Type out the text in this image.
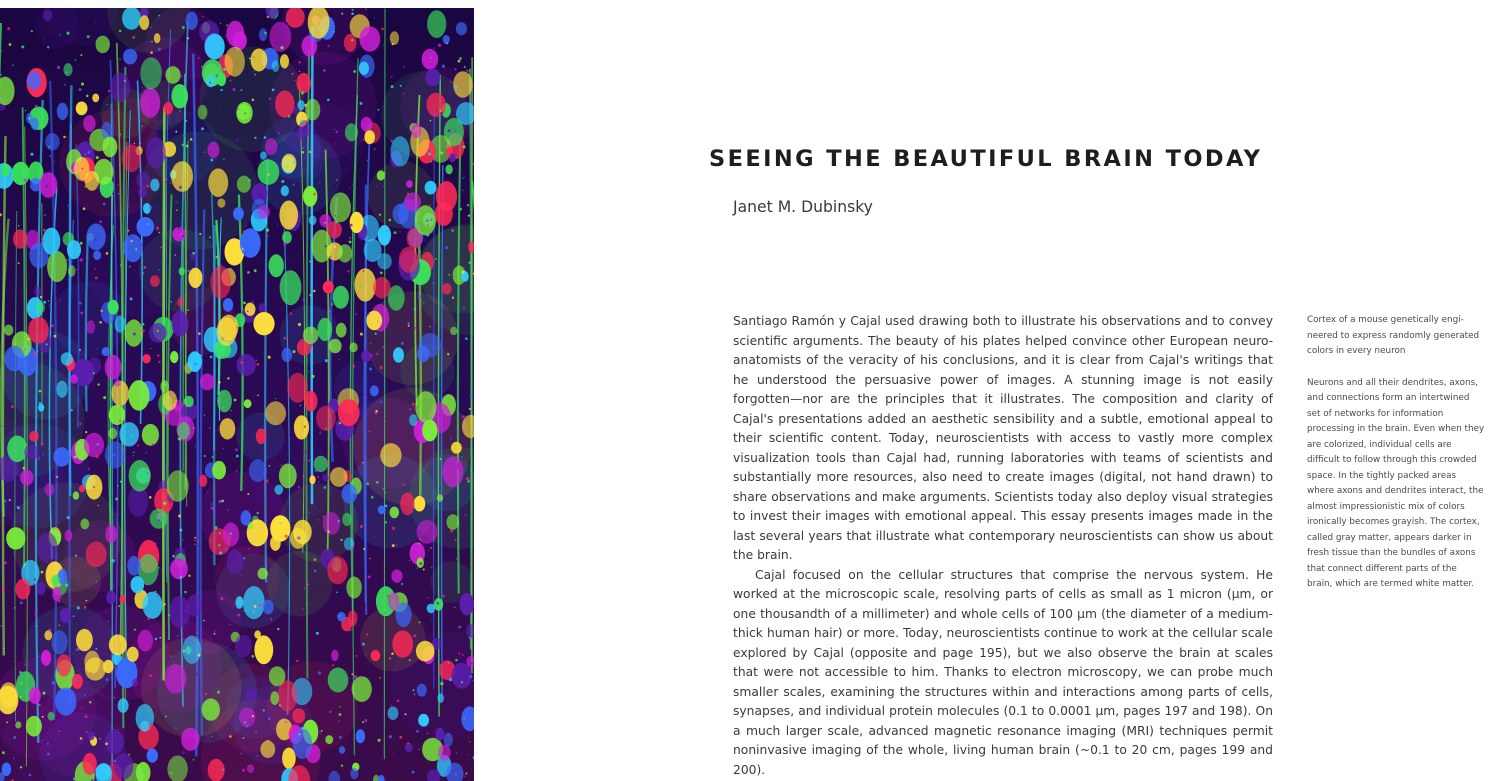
SEEING THE BEAUTIFUL BRAIN TODAY
Janet M. Dubinsky

Santiago Ramón y Cajal used drawing both to illustrate his observations and to convey scientific arguments. The beauty of his plates helped convince other European neuroanatomists of the veracity of his conclusions, and it is clear from Cajal's writings that he understood the persuasive power of images. A stunning image is not easily forgotten—nor are the principles that it illustrates. The composition and clarity of Cajal's presentations added an aesthetic sensibility and a subtle, emotional appeal to their scientific content. Today, neuroscientists with access to vastly more complex visualization tools than Cajal had, running laboratories with teams of scientists and substantially more resources, also need to create images (digital, not hand drawn) to share observations and make arguments. Scientists today also deploy visual strategies to invest their images with emotional appeal. This essay presents images made in the last several years that illustrate what contemporary neuroscientists can show us about the brain.

Cajal focused on the cellular structures that comprise the nervous system. He worked at the microscopic scale, resolving parts of cells as small as 1 micron (µm, or one thousandth of a millimeter) and whole cells of 100 µm (the diameter of a medium-thick human hair) or more. Today, neuroscientists continue to work at the cellular scale explored by Cajal (opposite and page 195), but we also observe the brain at scales that were not accessible to him. Thanks to electron microscopy, we can probe much smaller scales, examining the structures within and interactions among parts of cells, synapses, and individual protein molecules (0.1 to 0.0001 µm, pages 197 and 198). On a much larger scale, advanced magnetic resonance imaging (MRI) techniques permit noninvasive imaging of the whole, living human brain (~0.1 to 20 cm, pages 199 and 200).

Cortex of a mouse genetically engineered to express randomly generated colors in every neuron

Neurons and all their dendrites, axons, and connections form an intertwined set of networks for information processing in the brain. Even when they are colorized, individual cells are difficult to follow through this crowded space. In the tightly packed areas where axons and dendrites interact, the almost impressionistic mix of colors ironically becomes grayish. The cortex, called gray matter, appears darker in fresh tissue than the bundles of axons that connect different parts of the brain, which are termed white matter.
